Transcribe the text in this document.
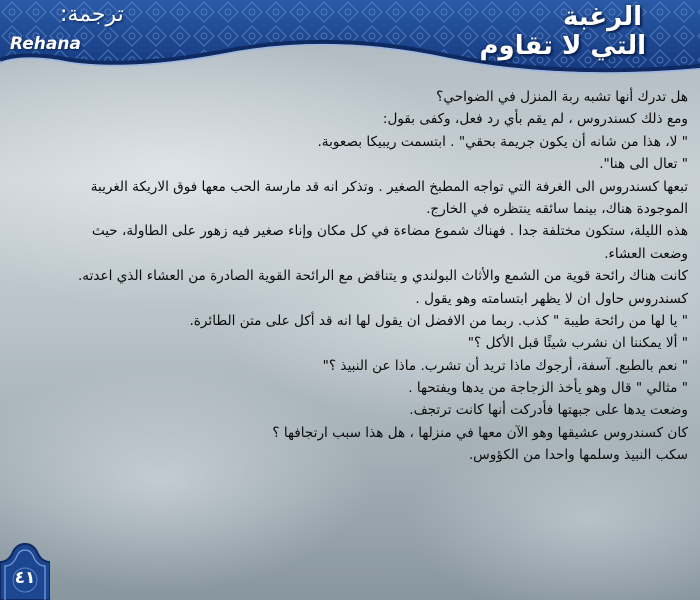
الرغبة
التي لا تقاوم
ترجمة:
Rehana
هل تدرك أنها تشبه ربة المنزل في الضواحي؟
ومع ذلك كسندروس ، لم يقم بأي رد فعل، وكفى بقول:
" لا، هذا من شانه أن يكون جريمة بحقي" . ابتسمت ريبيكا بصعوبة.
" تعال الى هنا".
تبعها كسندروس الى الغرفة التي تواجه المطبخ الصغير . وتذكر انه قد مارسة الحب معها فوق الاريكة الغريبة
الموجودة هناك، بينما سائقه ينتظره في الخارج.
هذه الليلة، ستكون مختلفة جدا . فهناك شموع مضاءة في كل مكان وإناء صغير فيه زهور على الطاولة، حيث
وضعت العشاء.
كانت هناك رائحة قوية من الشمع والأثاث البولندي و يتناقض مع الرائحة القوية الصادرة من العشاء الذي اعدته.
كسندروس حاول ان لا يظهر ابتسامته وهو يقول .
" يا لها من رائحة طيبة " كذب. ربما من الافضل ان يقول لها انه قد أكل على متن الطائرة.
" ألا يمكننا ان نشرب شيئًا قبل الأكل ؟"
" نعم بالطبع. آسفة، أرجوك ماذا تريد أن تشرب. ماذا عن النبيذ ؟"
" مثالي " قال وهو يأخذ الزجاجة من يدها ويفتحها .
وضعت يدها على جبهتها فأدركت أنها كانت ترتجف.
كان كسندروس عشيقها وهو الآن معها في منزلها ، هل هذا سبب ارتجافها ؟
سكب النبيذ وسلمها واحدا من الكؤوس.
٤١
